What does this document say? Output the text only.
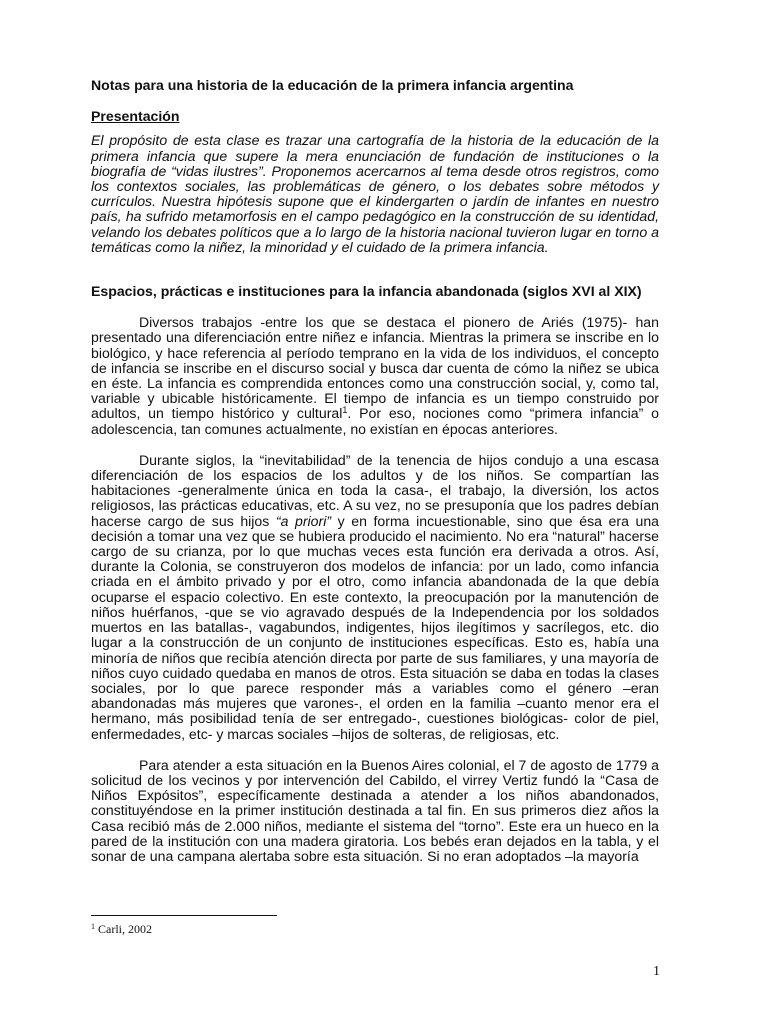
Notas para una historia de la educación de la primera infancia argentina
Presentación
El propósito de esta clase es trazar una cartografía de la historia de la educación de la primera infancia que supere la mera enunciación de fundación de instituciones o la biografía de “vidas ilustres”. Proponemos acercarnos al tema desde otros registros, como los contextos sociales, las problemáticas de género, o los debates sobre métodos y currículos. Nuestra hipótesis supone que el kindergarten o jardín de infantes en nuestro país, ha sufrido metamorfosis en el campo pedagógico en la construcción de su identidad, velando los debates políticos que a lo largo de la historia nacional tuvieron lugar en torno a temáticas como la niñez, la minoridad y el cuidado de la primera infancia.
Espacios, prácticas e instituciones para la infancia abandonada (siglos XVI al XIX)
Diversos trabajos -entre los que se destaca el pionero de Ariés (1975)- han presentado una diferenciación entre niñez e infancia. Mientras la primera se inscribe en lo biológico, y hace referencia al período temprano en la vida de los individuos, el concepto de infancia se inscribe en el discurso social y busca dar cuenta de cómo la niñez se ubica en éste. La infancia es comprendida entonces como una construcción social, y, como tal, variable y ubicable históricamente. El tiempo de infancia es un tiempo construido por adultos, un tiempo histórico y cultural$^1$. Por eso, nociones como “primera infancia” o adolescencia, tan comunes actualmente, no existían en épocas anteriores.
Durante siglos, la “inevitabilidad” de la tenencia de hijos condujo a una escasa diferenciación de los espacios de los adultos y de los niños. Se compartían las habitaciones -generalmente única en toda la casa-, el trabajo, la diversión, los actos religiosos, las prácticas educativas, etc. A su vez, no se presuponía que los padres debían hacerse cargo de sus hijos “a priori” y en forma incuestionable, sino que ésa era una decisión a tomar una vez que se hubiera producido el nacimiento. No era “natural” hacerse cargo de su crianza, por lo que muchas veces esta función era derivada a otros. Así, durante la Colonia, se construyeron dos modelos de infancia: por un lado, como infancia criada en el ámbito privado y por el otro, como infancia abandonada de la que debía ocuparse el espacio colectivo. En este contexto, la preocupación por la manutención de niños huérfanos, -que se vio agravado después de la Independencia por los soldados muertos en las batallas-, vagabundos, indigentes, hijos ilegítimos y sacrílegos, etc. dio lugar a la construcción de un conjunto de instituciones específicas. Esto es, había una minoría de niños que recibía atención directa por parte de sus familiares, y una mayoría de niños cuyo cuidado quedaba en manos de otros. Esta situación se daba en todas la clases sociales, por lo que parece responder más a variables como el género –eran abandonadas más mujeres que varones-, el orden en la familia –cuanto menor era el hermano, más posibilidad tenía de ser entregado-, cuestiones biológicas- color de piel, enfermedades, etc- y marcas sociales –hijos de solteras, de religiosas, etc.
Para atender a esta situación en la Buenos Aires colonial, el 7 de agosto de 1779 a solicitud de los vecinos y por intervención del Cabildo, el virrey Vertiz fundó la “Casa de Niños Expósitos”, específicamente destinada a atender a los niños abandonados, constituyéndose en la primer institución destinada a tal fin. En sus primeros diez años la Casa recibió más de 2.000 niños, mediante el sistema del “torno”. Este era un hueco en la pared de la institución con una madera giratoria. Los bebés eran dejados en la tabla, y el sonar de una campana alertaba sobre esta situación. Si no eran adoptados –la mayoría
$^1$ Carli, 2002
1
